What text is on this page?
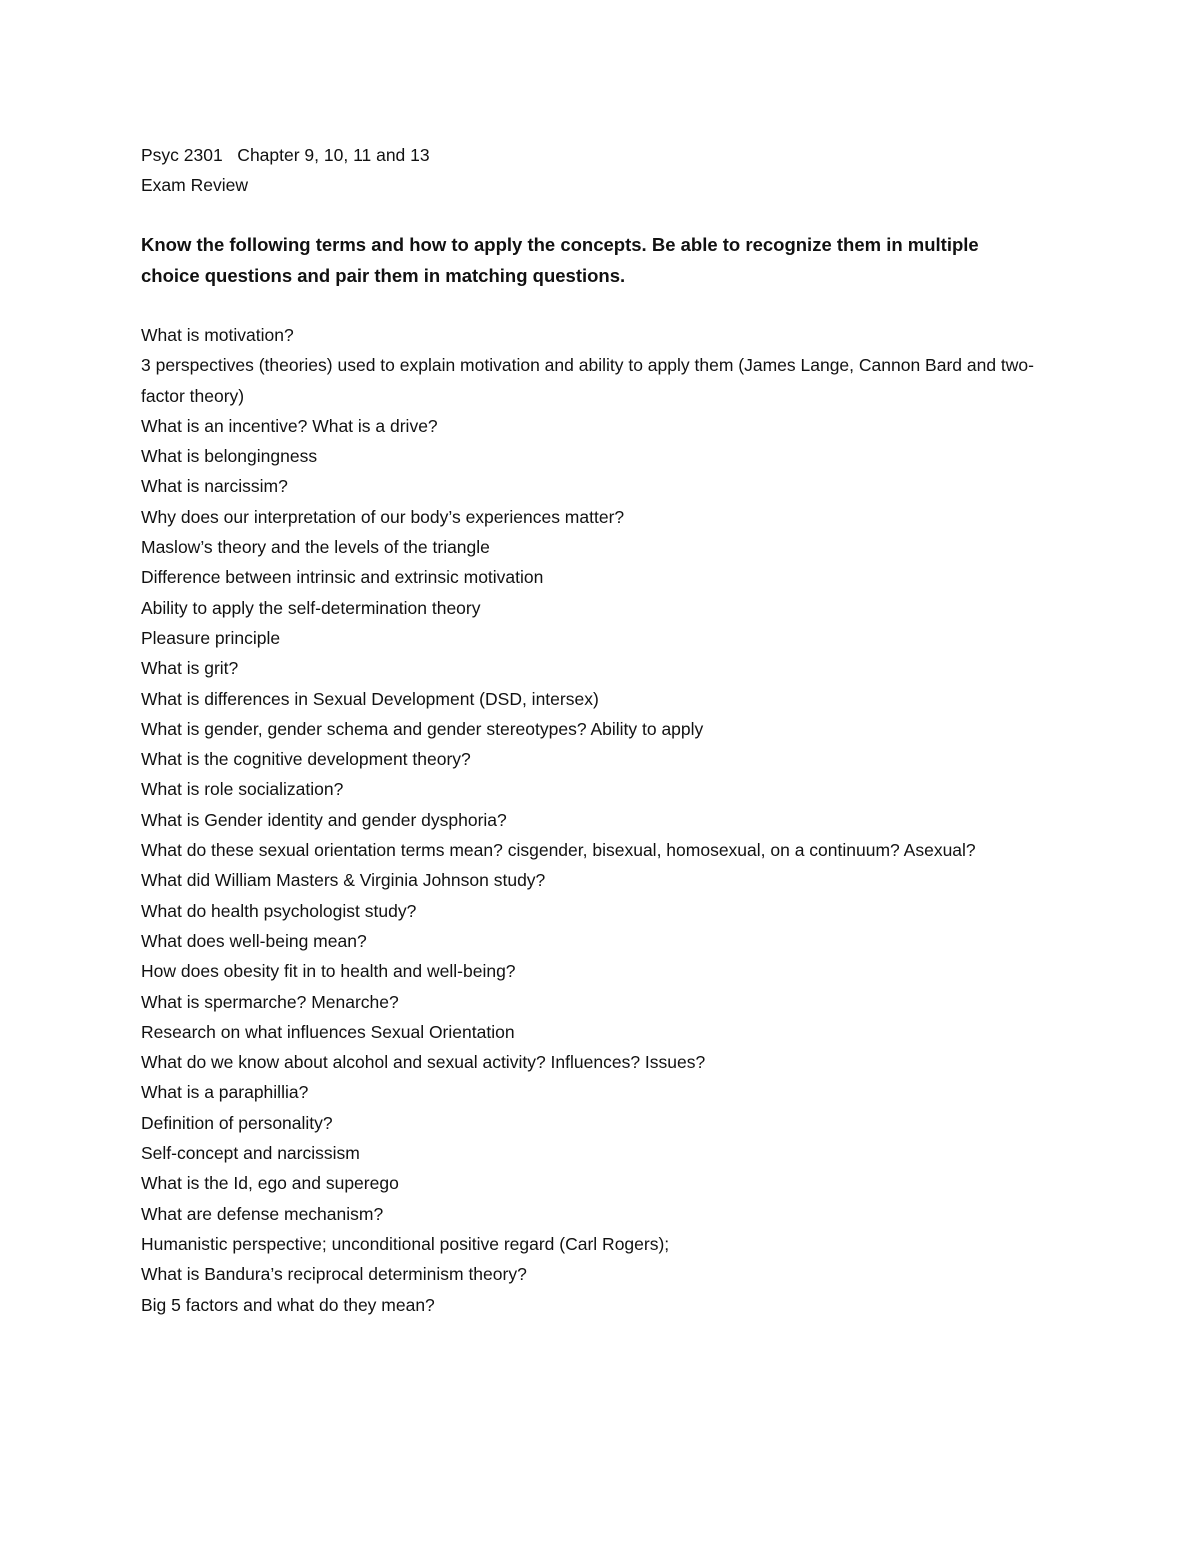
Psyc 2301   Chapter 9, 10, 11 and 13
Exam Review
Know the following terms and how to apply the concepts. Be able to recognize them in multiple choice questions and pair them in matching questions.
What is motivation?
3 perspectives (theories) used to explain motivation and ability to apply them (James Lange, Cannon Bard and two-factor theory)
What is an incentive? What is a drive?
What is belongingness
What is narcissim?
Why does our interpretation of our body’s experiences matter?
Maslow’s theory and the levels of the triangle
Difference between intrinsic and extrinsic motivation
Ability to apply the self-determination theory
Pleasure principle
What is grit?
What is differences in Sexual Development (DSD, intersex)
What is gender, gender schema and gender stereotypes? Ability to apply
What is the cognitive development theory?
What is role socialization?
What is Gender identity and gender dysphoria?
What do these sexual orientation terms mean? cisgender, bisexual, homosexual, on a continuum? Asexual?
What did William Masters & Virginia Johnson study?
What do health psychologist study?
What does well-being mean?
How does obesity fit in to health and well-being?
What is spermarche? Menarche?
Research on what influences Sexual Orientation
What do we know about alcohol and sexual activity? Influences? Issues?
What is a paraphillia?
Definition of personality?
Self-concept and narcissism
What is the Id, ego and superego
What are defense mechanism?
Humanistic perspective; unconditional positive regard (Carl Rogers);
What is Bandura’s reciprocal determinism theory?
Big 5 factors and what do they mean?
